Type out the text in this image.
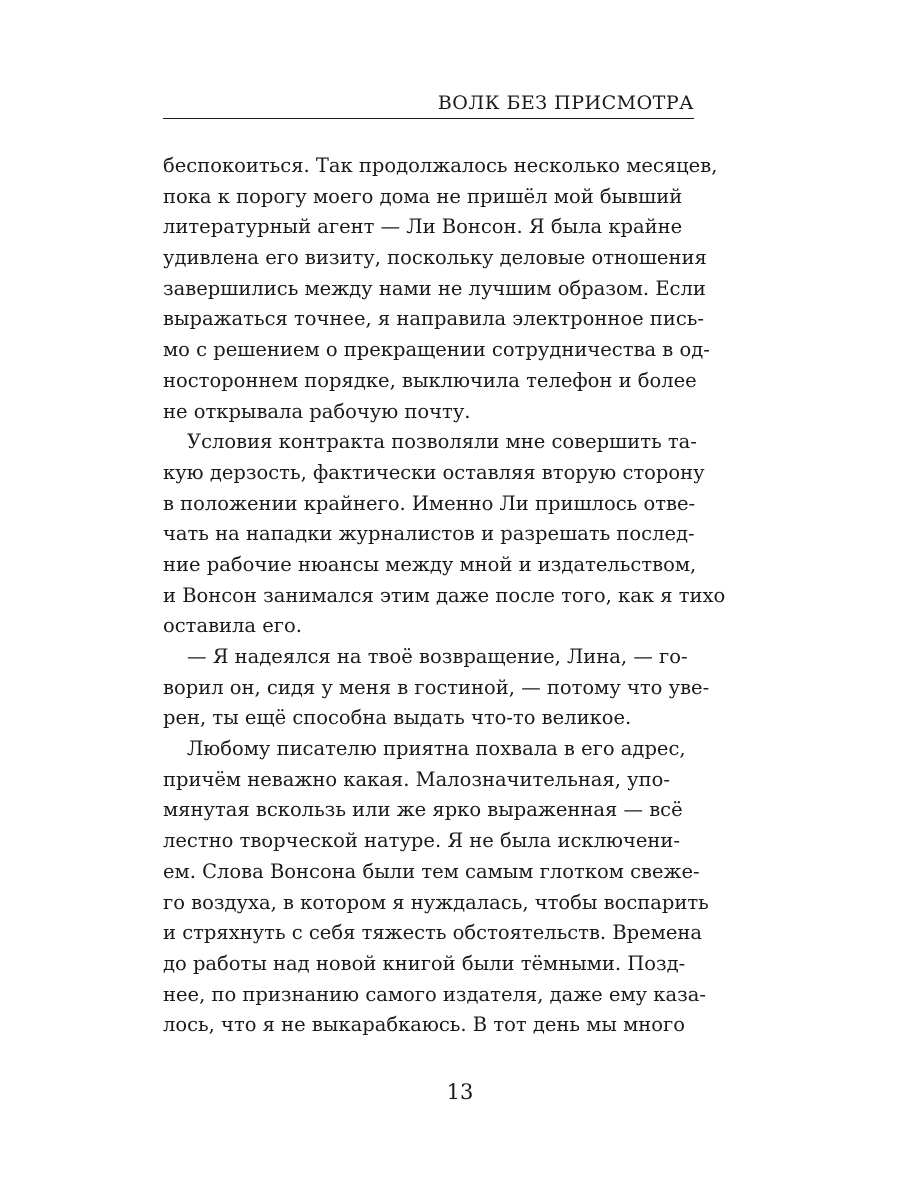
ВОЛК БЕЗ ПРИСМОТРА
беспокоиться. Так продолжалось несколько месяцев,
пока к порогу моего дома не пришёл мой бывший
литературный агент — Ли Вонсон. Я была крайне
удивлена его визиту, поскольку деловые отношения
завершились между нами не лучшим образом. Если
выражаться точнее, я направила электронное пись-
мо с решением о прекращении сотрудничества в од-
ностороннем порядке, выключила телефон и более
не открывала рабочую почту.
Условия контракта позволяли мне совершить та-
кую дерзость, фактически оставляя вторую сторону
в положении крайнего. Именно Ли пришлось отве-
чать на нападки журналистов и разрешать послед-
ние рабочие нюансы между мной и издательством,
и Вонсон занимался этим даже после того, как я тихо
оставила его.
— Я надеялся на твоё возвращение, Лина, — го-
ворил он, сидя у меня в гостиной, — потому что уве-
рен, ты ещё способна выдать что-то великое.
Любому писателю приятна похвала в его адрес,
причём неважно какая. Малозначительная, упо-
мянутая вскользь или же ярко выраженная — всё
лестно творческой натуре. Я не была исключени-
ем. Слова Вонсона были тем самым глотком свеже-
го воздуха, в котором я нуждалась, чтобы воспарить
и стряхнуть с себя тяжесть обстоятельств. Времена
до работы над новой книгой были тёмными. Позд-
нее, по признанию самого издателя, даже ему каза-
лось, что я не выкарабкаюсь. В тот день мы много
13
